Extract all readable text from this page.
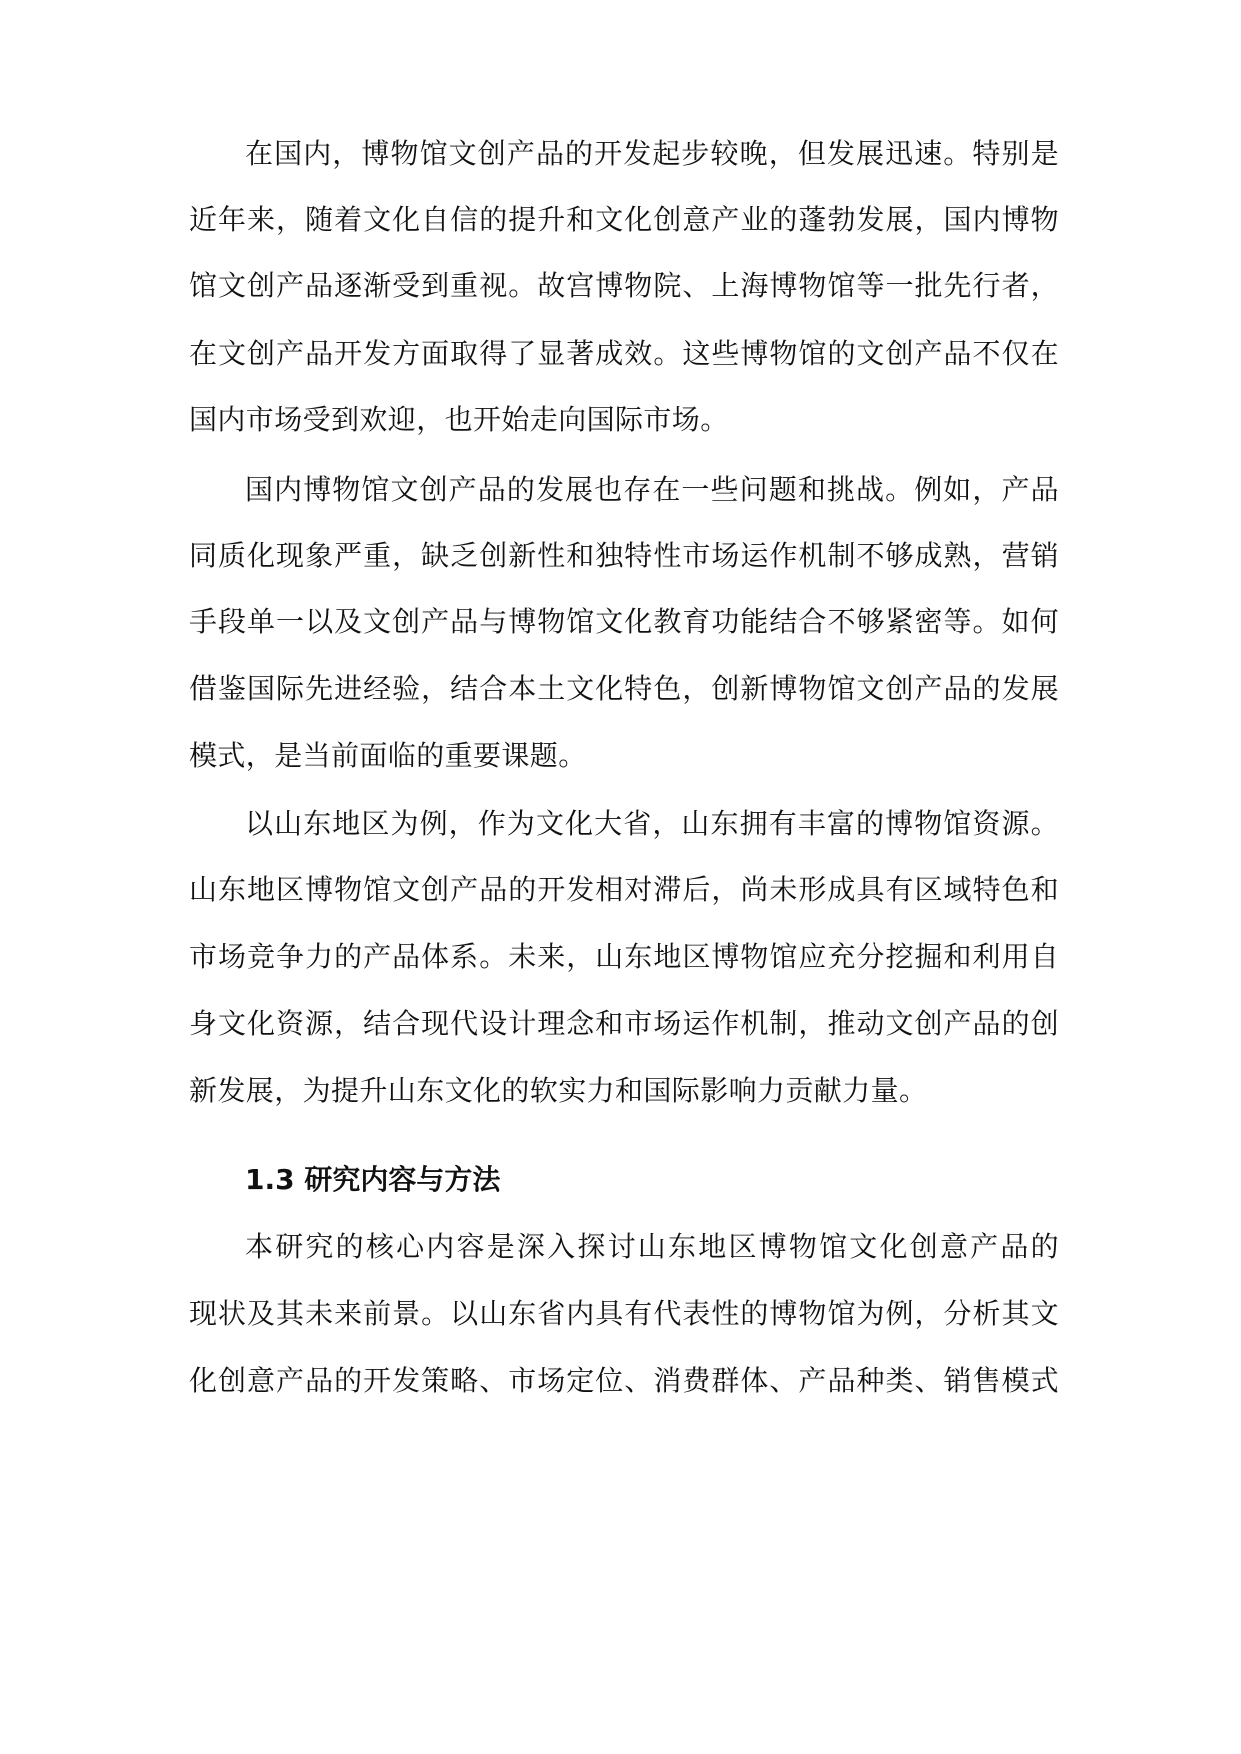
在国内，博物馆文创产品的开发起步较晚，但发展迅速。特别是
近年来，随着文化自信的提升和文化创意产业的蓬勃发展，国内博物
馆文创产品逐渐受到重视。故宫博物院、上海博物馆等一批先行者，
在文创产品开发方面取得了显著成效。这些博物馆的文创产品不仅在
国内市场受到欢迎，也开始走向国际市场。
国内博物馆文创产品的发展也存在一些问题和挑战。例如，产品
同质化现象严重，缺乏创新性和独特性市场运作机制不够成熟，营销
手段单一以及文创产品与博物馆文化教育功能结合不够紧密等。如何
借鉴国际先进经验，结合本土文化特色，创新博物馆文创产品的发展
模式，是当前面临的重要课题。
以山东地区为例，作为文化大省，山东拥有丰富的博物馆资源。
山东地区博物馆文创产品的开发相对滞后，尚未形成具有区域特色和
市场竞争力的产品体系。未来，山东地区博物馆应充分挖掘和利用自
身文化资源，结合现代设计理念和市场运作机制，推动文创产品的创
新发展，为提升山东文化的软实力和国际影响力贡献力量。
1.3 研究内容与方法
本研究的核心内容是深入探讨山东地区博物馆文化创意产品的
现状及其未来前景。以山东省内具有代表性的博物馆为例，分析其文
化创意产品的开发策略、市场定位、消费群体、产品种类、销售模式
